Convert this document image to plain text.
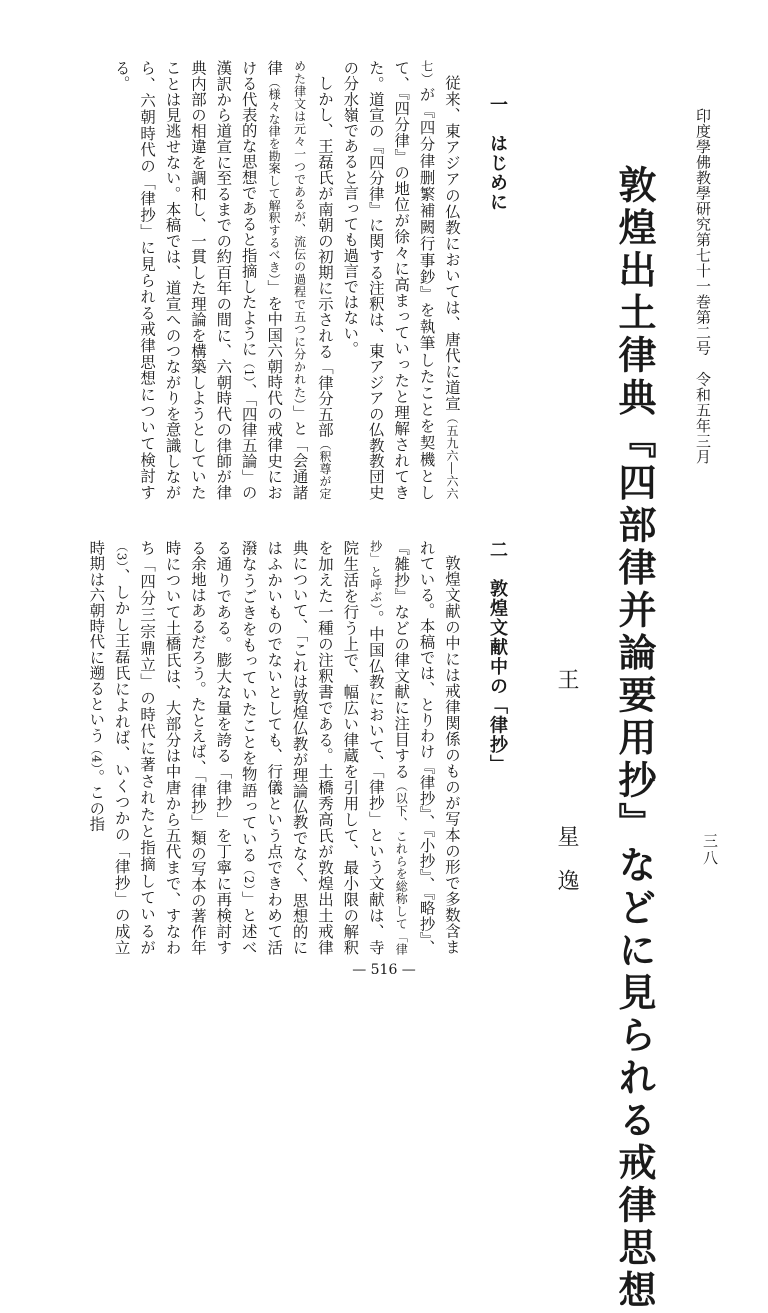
印度學佛教學研究第七十一巻第二号　令和五年三月
三八
敦煌出土律典『四部律并論要用抄』などに見られる戒律思想
王星　逸
一　はじめに

従来、東アジアの仏教においては、唐代に道宣（五九六―六六七）が『四分律删繁補闕行事鈔』を執筆したことを契機として、『四分律』の地位が徐々に高まっていったと理解されてきた。道宣の『四分律』に関する注釈は、東アジアの仏教教団史の分水嶺であると言っても過言ではない。

しかし、王磊氏が南朝の初期に示される「律分五部（釈尊が定めた律文は元々一つであるが、流伝の過程で五つに分かれた）」と「会通諸律（様々な律を勘案して解釈するべき）」を中国六朝時代の戒律史における代表的な思想であると指摘したように（1）、「四律五論」の漢訳から道宣に至るまでの約百年の間に、六朝時代の律師が律典内部の相違を調和し、一貫した理論を構築しようとしていたことは見逃せない。本稿では、道宣へのつながりを意識しながら、六朝時代の「律抄」に見られる戒律思想について検討する。

二　敦煌文献中の「律抄」

敦煌文献の中には戒律関係のものが写本の形で多数含まれている。本稿では、とりわけ『律抄』、『小抄』、『略抄』、『雑抄』などの律文献に注目する（以下、これらを総称して「律抄」と呼ぶ）。中国仏教において、「律抄」という文献は、寺院生活を行う上で、幅広い律蔵を引用して、最小限の解釈を加えた一種の注釈書である。土橋秀高氏が敦煌出土戒律典について、「これは敦煌仏教が理論仏教でなく、思想的にはふかいものでないとしても、行儀という点できわめて活潑なうごきをもっていたことを物語っている（2）」と述べる通りである。膨大な量を誇る「律抄」を丁寧に再検討する余地はあるだろう。たとえば、「律抄」類の写本の著作年時について土橋氏は、大部分は中唐から五代まで、すなわち「四分三宗鼎立」の時代に著されたと指摘しているが（3）、しかし王磊氏によれば、いくつかの「律抄」の成立時期は六朝時代に遡るという（4）。この指

— 516 —
